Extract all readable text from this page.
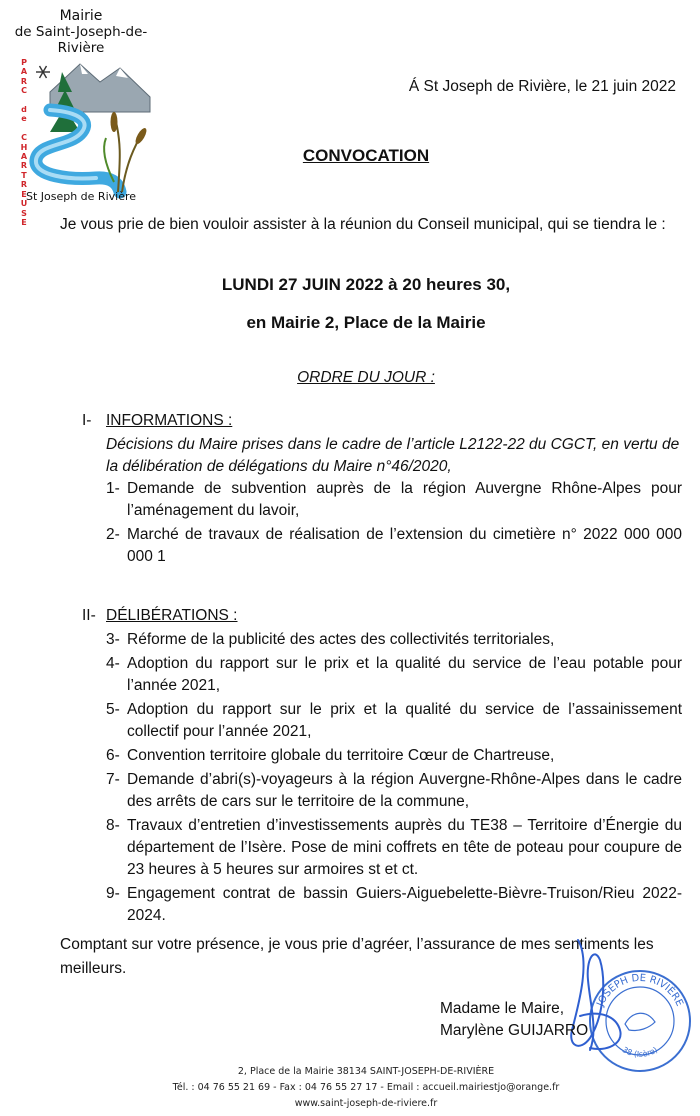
Mairie
de Saint-Joseph-de-Rivière
P
A
R
C

d
e

C
H
A
R
T
R
E
U
S
E
St Joseph de Rivière
Á St Joseph de Rivière, le 21 juin 2022
CONVOCATION
Je vous prie de bien vouloir assister à la réunion du Conseil municipal, qui se tiendra le :
LUNDI 27 JUIN 2022 à 20 heures 30,
en Mairie 2, Place de la Mairie
ORDRE DU JOUR :
I- INFORMATIONS :
Décisions du Maire prises dans le cadre de l’article L2122-22 du CGCT, en vertu de la délibération de délégations du Maire n°46/2020,
1- Demande de subvention auprès de la région Auvergne Rhône-Alpes pour l’aménagement du lavoir,
2- Marché de travaux de réalisation de l’extension du cimetière n° 2022 000 000 000 1
II- DÉLIBÉRATIONS :
3- Réforme de la publicité des actes des collectivités territoriales,
4- Adoption du rapport sur le prix et la qualité du service de l’eau potable pour l’année 2021,
5- Adoption du rapport sur le prix et la qualité du service de l’assainissement collectif pour l’année 2021,
6- Convention territoire globale du territoire Cœur de Chartreuse,
7- Demande d’abri(s)-voyageurs à la région Auvergne-Rhône-Alpes dans le cadre des arrêts de cars sur le territoire de la commune,
8- Travaux d’entretien d’investissements auprès du TE38 – Territoire d’Énergie du département de l’Isère. Pose de mini coffrets en tête de poteau pour coupure de 23 heures à 5 heures sur armoires st et ct.
9- Engagement contrat de bassin Guiers-Aiguebelette-Bièvre-Truison/Rieu 2022-2024.
Comptant sur votre présence, je vous prie d’agréer, l’assurance de mes sentiments les meilleurs.
JOSEPH DE RIVIÈRE
38 (Isère)
Madame le Maire,
Marylène GUIJARRO
2, Place de la Mairie 38134 SAINT-JOSEPH-DE-RIVIÈRE
Tél. : 04 76 55 21 69 - Fax : 04 76 55 27 17 - Email : accueil.mairiestjo@orange.fr
www.saint-joseph-de-riviere.fr
